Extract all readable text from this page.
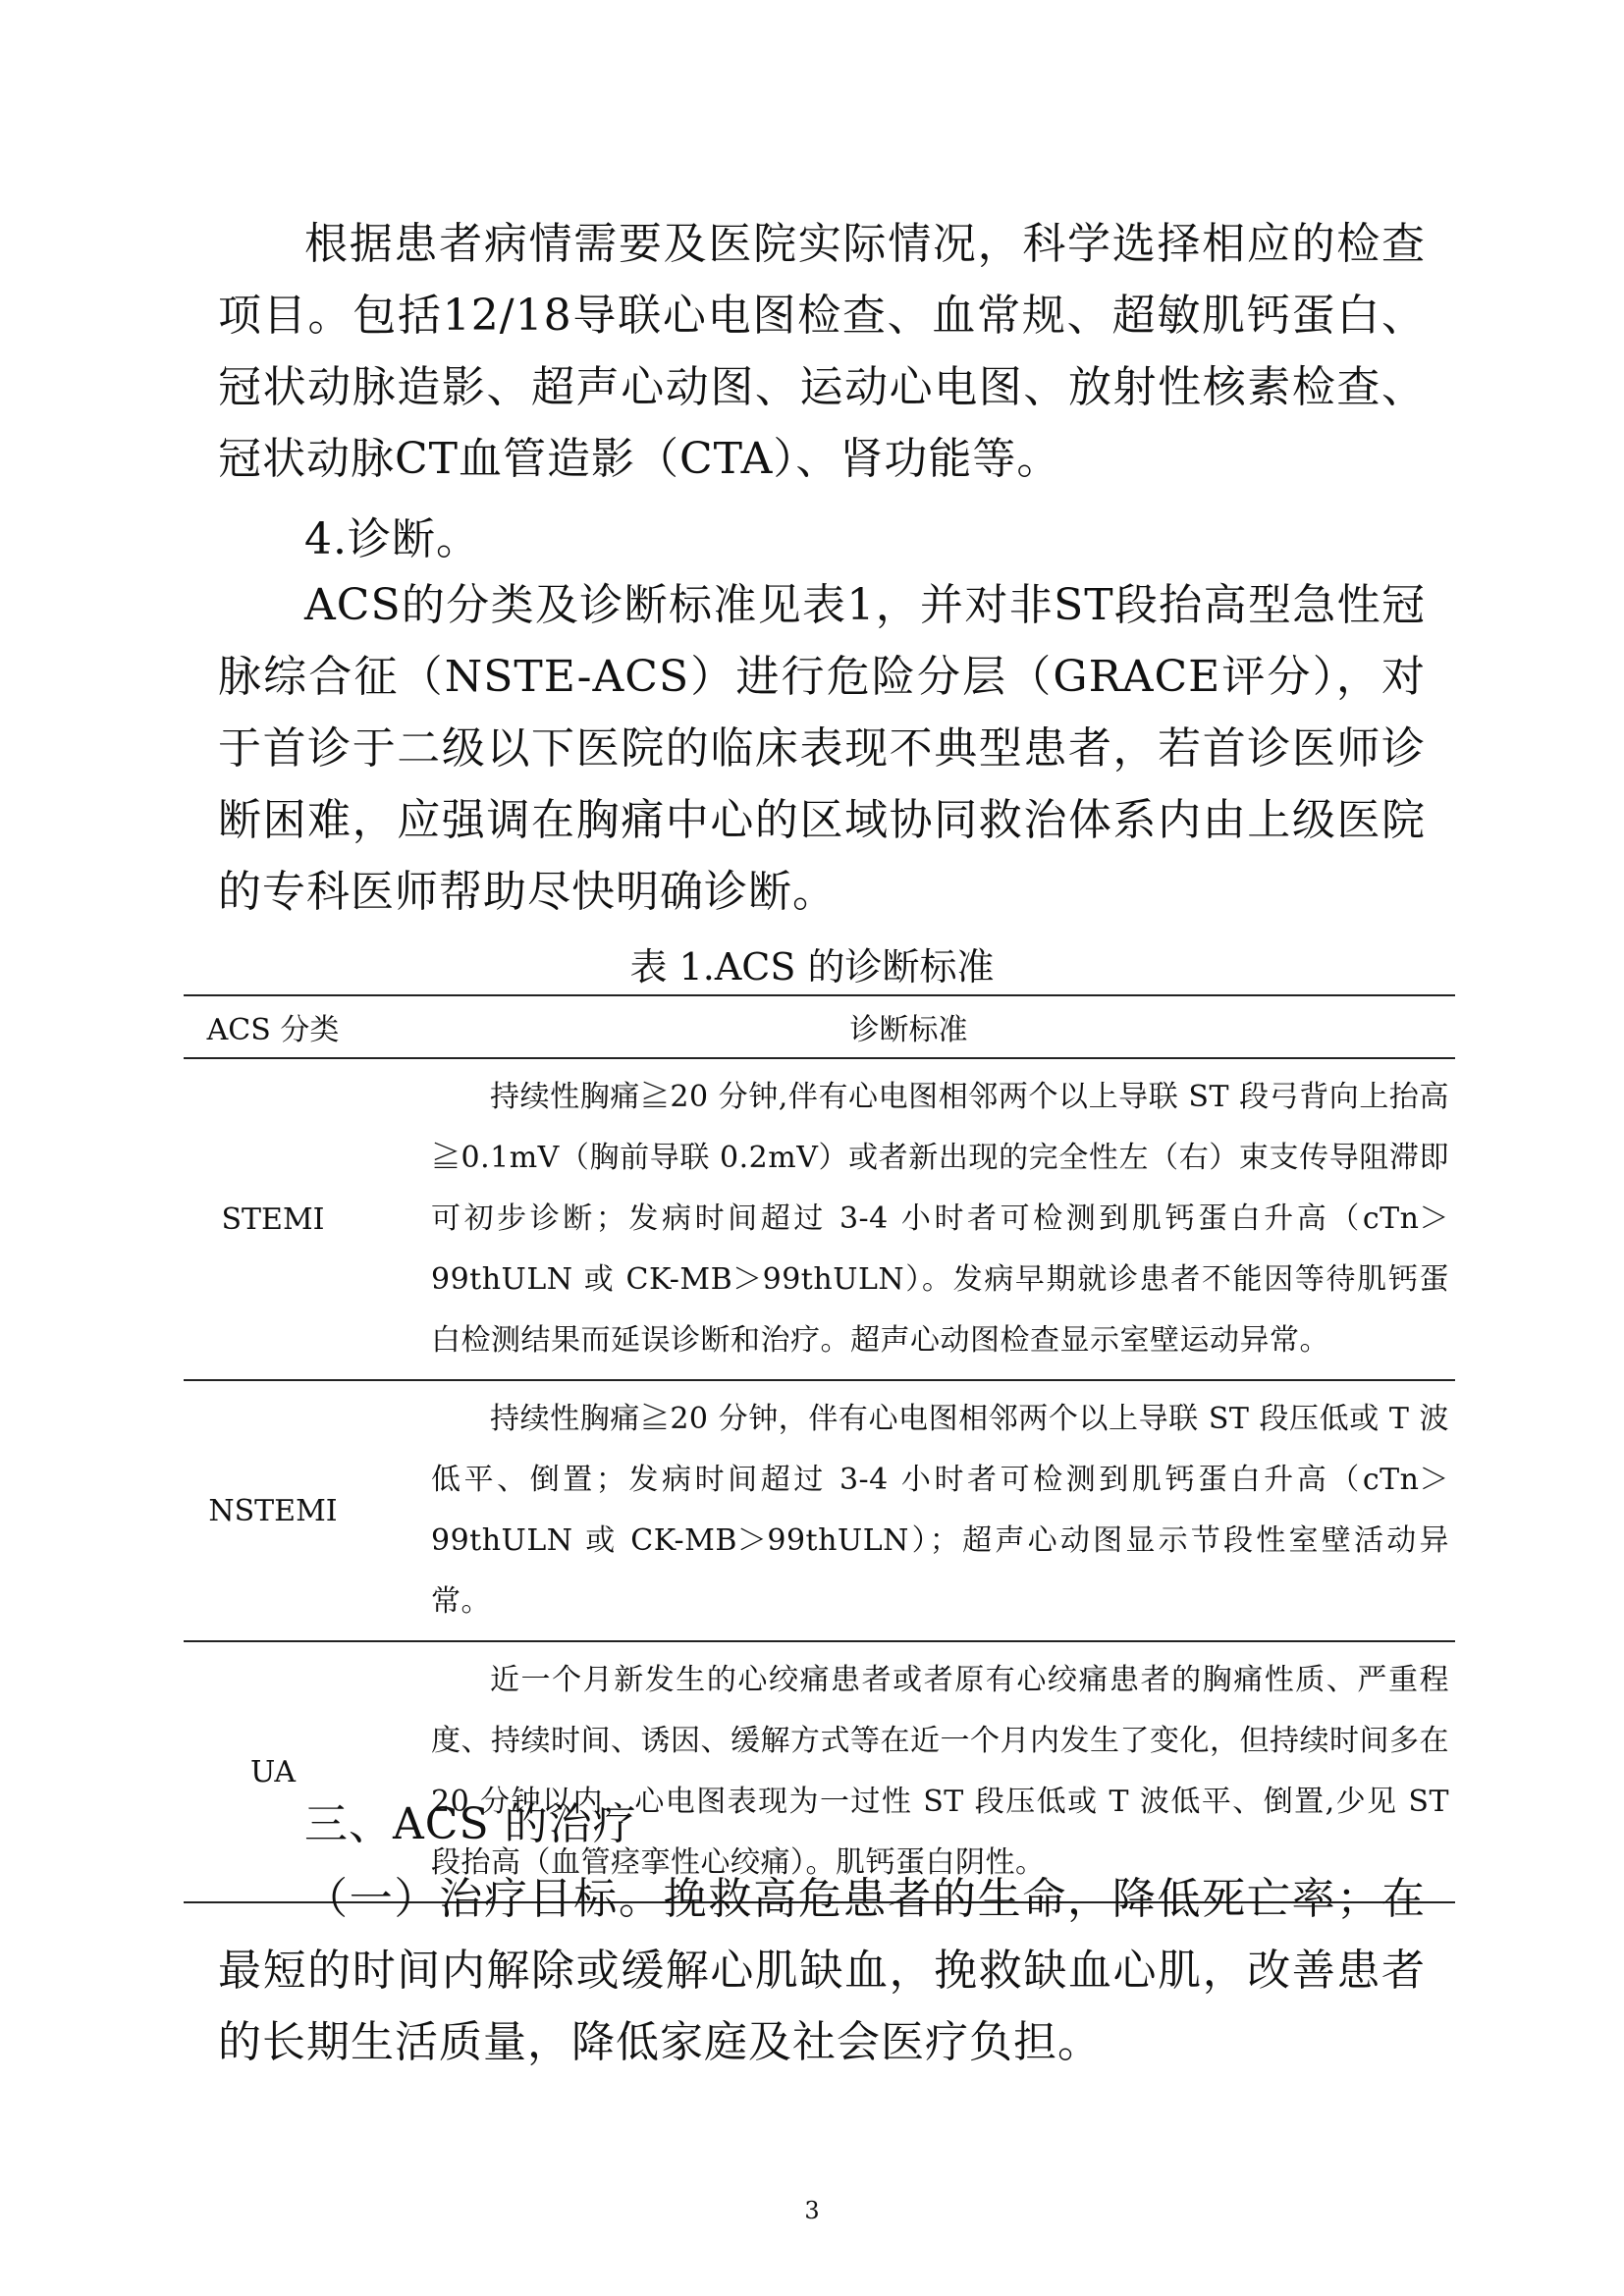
根据患者病情需要及医院实际情况，科学选择相应的检查项目。包括12/18导联心电图检查、血常规、超敏肌钙蛋白、冠状动脉造影、超声心动图、运动心电图、放射性核素检查、冠状动脉CT血管造影（CTA）、肾功能等。

4.诊断。

ACS的分类及诊断标准见表1，并对非ST段抬高型急性冠脉综合征（NSTE-ACS）进行危险分层（GRACE评分），对于首诊于二级以下医院的临床表现不典型患者，若首诊医师诊断困难，应强调在胸痛中心的区域协同救治体系内由上级医院的专科医师帮助尽快明确诊断。

表 1.ACS 的诊断标准

ACS 分类	诊断标准
STEMI	持续性胸痛≧20 分钟,伴有心电图相邻两个以上导联 ST 段弓背向上抬高≧0.1mV（胸前导联 0.2mV）或者新出现的完全性左（右）束支传导阻滞即可初步诊断；发病时间超过 3-4 小时者可检测到肌钙蛋白升高（cTn＞99thULN 或 CK-MB＞99thULN）。发病早期就诊患者不能因等待肌钙蛋白检测结果而延误诊断和治疗。超声心动图检查显示室壁运动异常。
NSTEMI	持续性胸痛≧20 分钟，伴有心电图相邻两个以上导联 ST 段压低或 T 波低平、倒置；发病时间超过 3-4 小时者可检测到肌钙蛋白升高（cTn＞99thULN 或 CK-MB＞99thULN）；超声心动图显示节段性室壁活动异常。
UA	近一个月新发生的心绞痛患者或者原有心绞痛患者的胸痛性质、严重程度、持续时间、诱因、缓解方式等在近一个月内发生了变化，但持续时间多在 20 分钟以内，心电图表现为一过性 ST 段压低或 T 波低平、倒置,少见 ST 段抬高（血管痉挛性心绞痛）。肌钙蛋白阴性。

三、ACS 的治疗

（一）治疗目标。挽救高危患者的生命，降低死亡率；在最短的时间内解除或缓解心肌缺血，挽救缺血心肌，改善患者的长期生活质量，降低家庭及社会医疗负担。

3
